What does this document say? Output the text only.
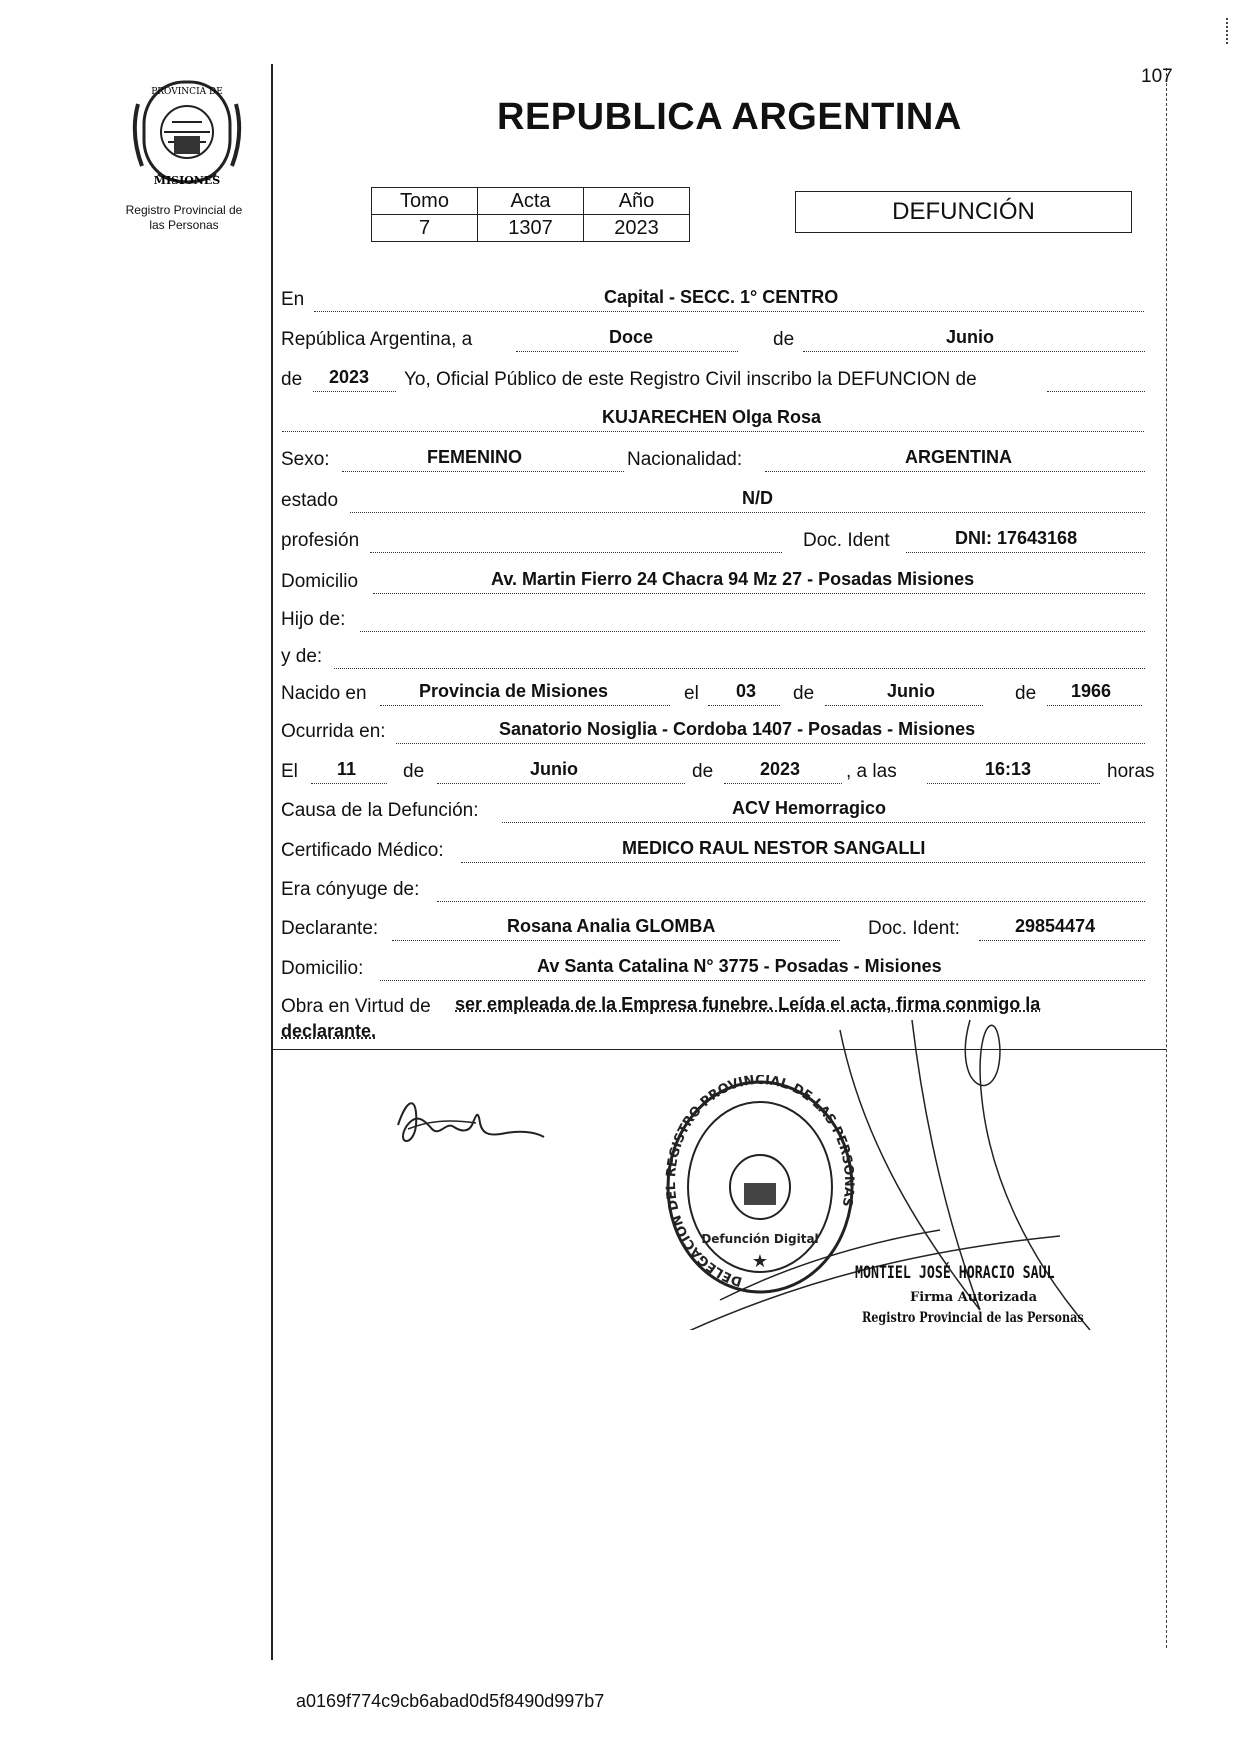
PROVINCIA DE
MISIONES
Registro Provincial de
las Personas
107
REPUBLICA ARGENTINA
Tomo	Acta	Año
7	1307	2023
DEFUNCIÓN
En	Capital - SECC. 1° CENTRO
República Argentina, a	Doce	de	Junio
de 2023 Yo, Oficial Público de este Registro Civil inscribo la DEFUNCION de
KUJARECHEN Olga Rosa
Sexo:	FEMENINO	Nacionalidad:	ARGENTINA
estado	N/D
profesión	Doc. Ident	DNI: 17643168
Domicilio	Av. Martin Fierro 24 Chacra 94 Mz 27 - Posadas Misiones
Hijo de:
y de:
Nacido en	Provincia de Misiones	el 03 de	Junio	de 1966
Ocurrida en:	Sanatorio Nosiglia - Cordoba 1407 - Posadas - Misiones
El 11 de	Junio	de	2023 , a las	16:13	horas
Causa de la Defunción:	ACV Hemorragico
Certificado Médico:	MEDICO RAUL NESTOR SANGALLI
Era cónyuge de:
Declarante:	Rosana Analia GLOMBA	Doc. Ident:	29854474
Domicilio:	Av Santa Catalina N° 3775 - Posadas - Misiones
Obra en Virtud de ser empleada de la Empresa funebre. Leída el acta, firma conmigo la
declarante.
DELEGACION DEL REGISTRO PROVINCIAL DE LAS PERSONAS
Defunción Digital
★
MONTIEL JOSÉ HORACIO SAUL
Firma Autorizada
Registro Provincial de las Personas
a0169f774c9cb6abad0d5f8490d997b7
